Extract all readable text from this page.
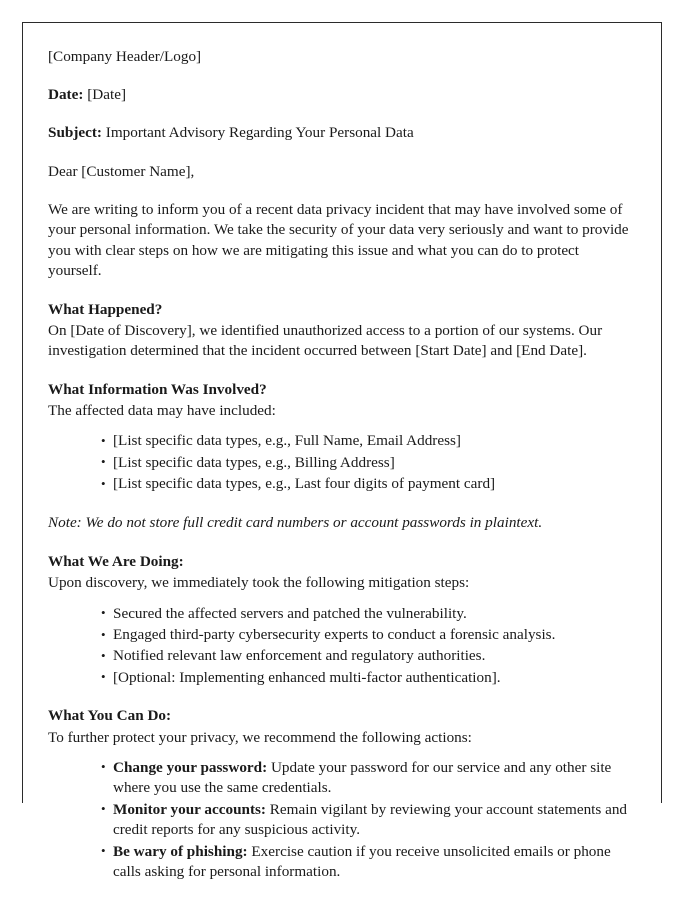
[Company Header/Logo]

Date: [Date]

Subject: Important Advisory Regarding Your Personal Data

Dear [Customer Name],

We are writing to inform you of a recent data privacy incident that may have involved some of your personal information. We take the security of your data very seriously and want to provide you with clear steps on how we are mitigating this issue and what you can do to protect yourself.

What Happened?

On [Date of Discovery], we identified unauthorized access to a portion of our systems. Our investigation determined that the incident occurred between [Start Date] and [End Date].

What Information Was Involved?

The affected data may have included:

• [List specific data types, e.g., Full Name, Email Address]
• [List specific data types, e.g., Billing Address]
• [List specific data types, e.g., Last four digits of payment card]

Note: We do not store full credit card numbers or account passwords in plaintext.

What We Are Doing:

Upon discovery, we immediately took the following mitigation steps:

• Secured the affected servers and patched the vulnerability.
• Engaged third-party cybersecurity experts to conduct a forensic analysis.
• Notified relevant law enforcement and regulatory authorities.
• [Optional: Implementing enhanced multi-factor authentication].
What You Can Do:

To further protect your privacy, we recommend the following actions:

• Change your password: Update your password for our service and any other site where you use the same credentials.
• Monitor your accounts: Remain vigilant by reviewing your account statements and credit reports for any suspicious activity.
• Be wary of phishing: Exercise caution if you receive unsolicited emails or phone calls asking for personal information.
